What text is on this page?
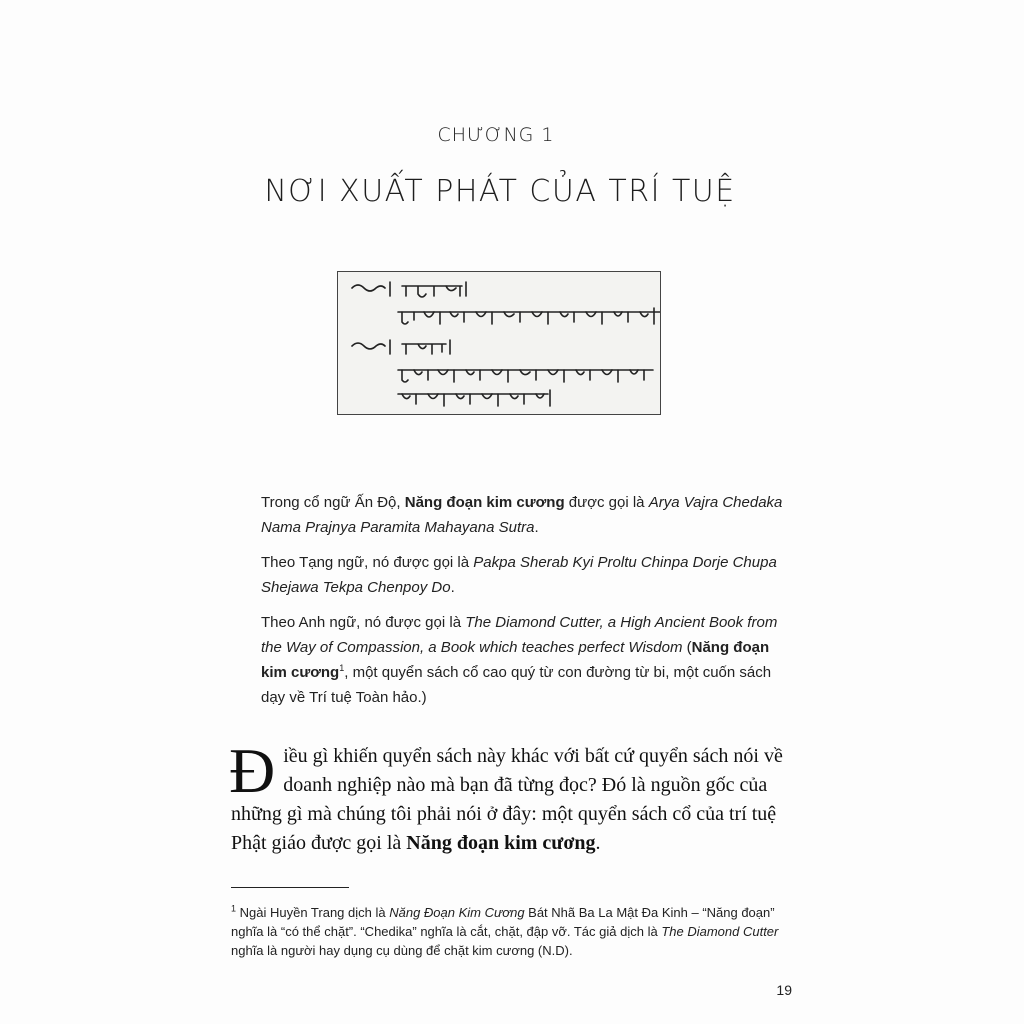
CHƯƠNG 1
NƠI XUẤT PHÁT CỦA TRÍ TUỆ

Trong cổ ngữ Ấn Độ, Năng đoạn kim cương được gọi là Arya Vajra Chedaka Nama Prajnya Paramita Mahayana Sutra.

Theo Tạng ngữ, nó được gọi là Pakpa Sherab Kyi Proltu Chinpa Dorje Chupa Shejawa Tekpa Chenpoy Do.

Theo Anh ngữ, nó được gọi là The Diamond Cutter, a High Ancient Book from the Way of Compassion, a Book which teaches perfect Wisdom (Năng đoạn kim cương$^1$, một quyển sách cổ cao quý từ con đường từ bi, một cuốn sách dạy về Trí tuệ Toàn hảo.)

Điều gì khiến quyển sách này khác với bất cứ quyển sách nói về doanh nghiệp nào mà bạn đã từng đọc? Đó là nguồn gốc của những gì mà chúng tôi phải nói ở đây: một quyển sách cổ của trí tuệ Phật giáo được gọi là Năng đoạn kim cương.
$^1$ Ngài Huyền Trang dịch là Năng Đoạn Kim Cương Bát Nhã Ba La Mật Đa Kinh – “Năng đoạn” nghĩa là “có thể chặt”. “Chedika” nghĩa là cắt, chặt, đập vỡ. Tác giả dịch là The Diamond Cutter nghĩa là người hay dụng cụ dùng để chặt kim cương (N.D).
19
